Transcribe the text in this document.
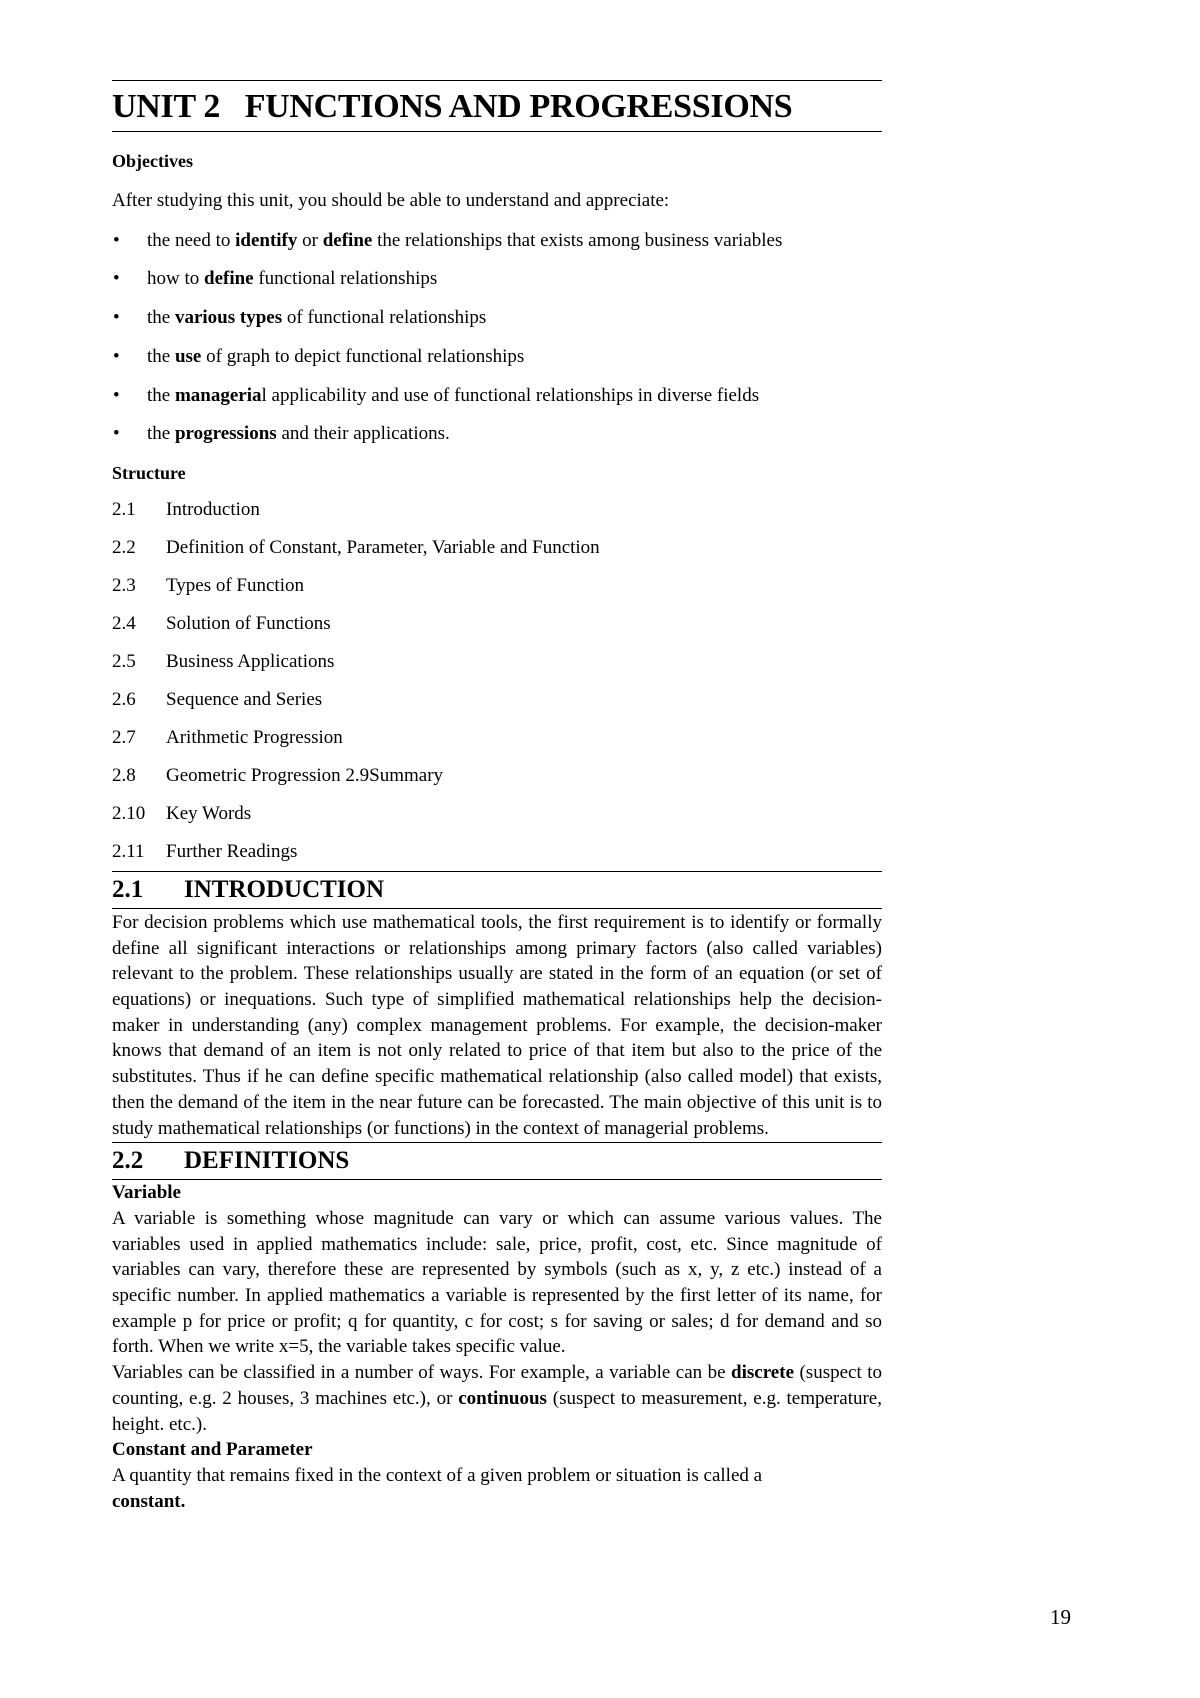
UNIT 2   FUNCTIONS AND PROGRESSIONS
Objectives

After studying this unit, you should be able to understand and appreciate:

• the need to identify or define the relationships that exists among business variables
• how to define functional relationships
• the various types of functional relationships
• the use of graph to depict functional relationships
• the managerial applicability and use of functional relationships in diverse fields
• the progressions and their applications.
Structure
2.1	Introduction
2.2	Definition of Constant, Parameter, Variable and Function
2.3	Types of Function
2.4	Solution of Functions
2.5	Business Applications
2.6	Sequence and Series
2.7	Arithmetic Progression
2.8	Geometric Progression 2.9Summary
2.10	Key Words
2.11	Further Readings
2.1	INTRODUCTION

For decision problems which use mathematical tools, the first requirement is to identify or formally define all significant interactions or relationships among primary factors (also called variables) relevant to the problem. These relationships usually are stated in the form of an equation (or set of equations) or inequations. Such type of simplified mathematical relationships help the decision-maker in understanding (any) complex management problems. For example, the decision-maker knows that demand of an item is not only related to price of that item but also to the price of the substitutes. Thus if he can define specific mathematical relationship (also called model) that exists, then the demand of the item in the near future can be forecasted. The main objective of this unit is to study mathematical relationships (or functions) in the context of managerial problems.

2.2	DEFINITIONS
Variable

A variable is something whose magnitude can vary or which can assume various values. The variables used in applied mathematics include: sale, price, profit, cost, etc. Since magnitude of variables can vary, therefore these are represented by symbols (such as x, y, z etc.) instead of a specific number. In applied mathematics a variable is represented by the first letter of its name, for example p for price or profit; q for quantity, c for cost; s for saving or sales; d for demand and so forth. When we write x=5, the variable takes specific value.

Variables can be classified in a number of ways. For example, a variable can be discrete (suspect to counting, e.g. 2 houses, 3 machines etc.), or continuous (suspect to measurement, e.g. temperature, height. etc.).

Constant and Parameter

A quantity that remains fixed in the context of a given problem or situation is called a
constant.

19
